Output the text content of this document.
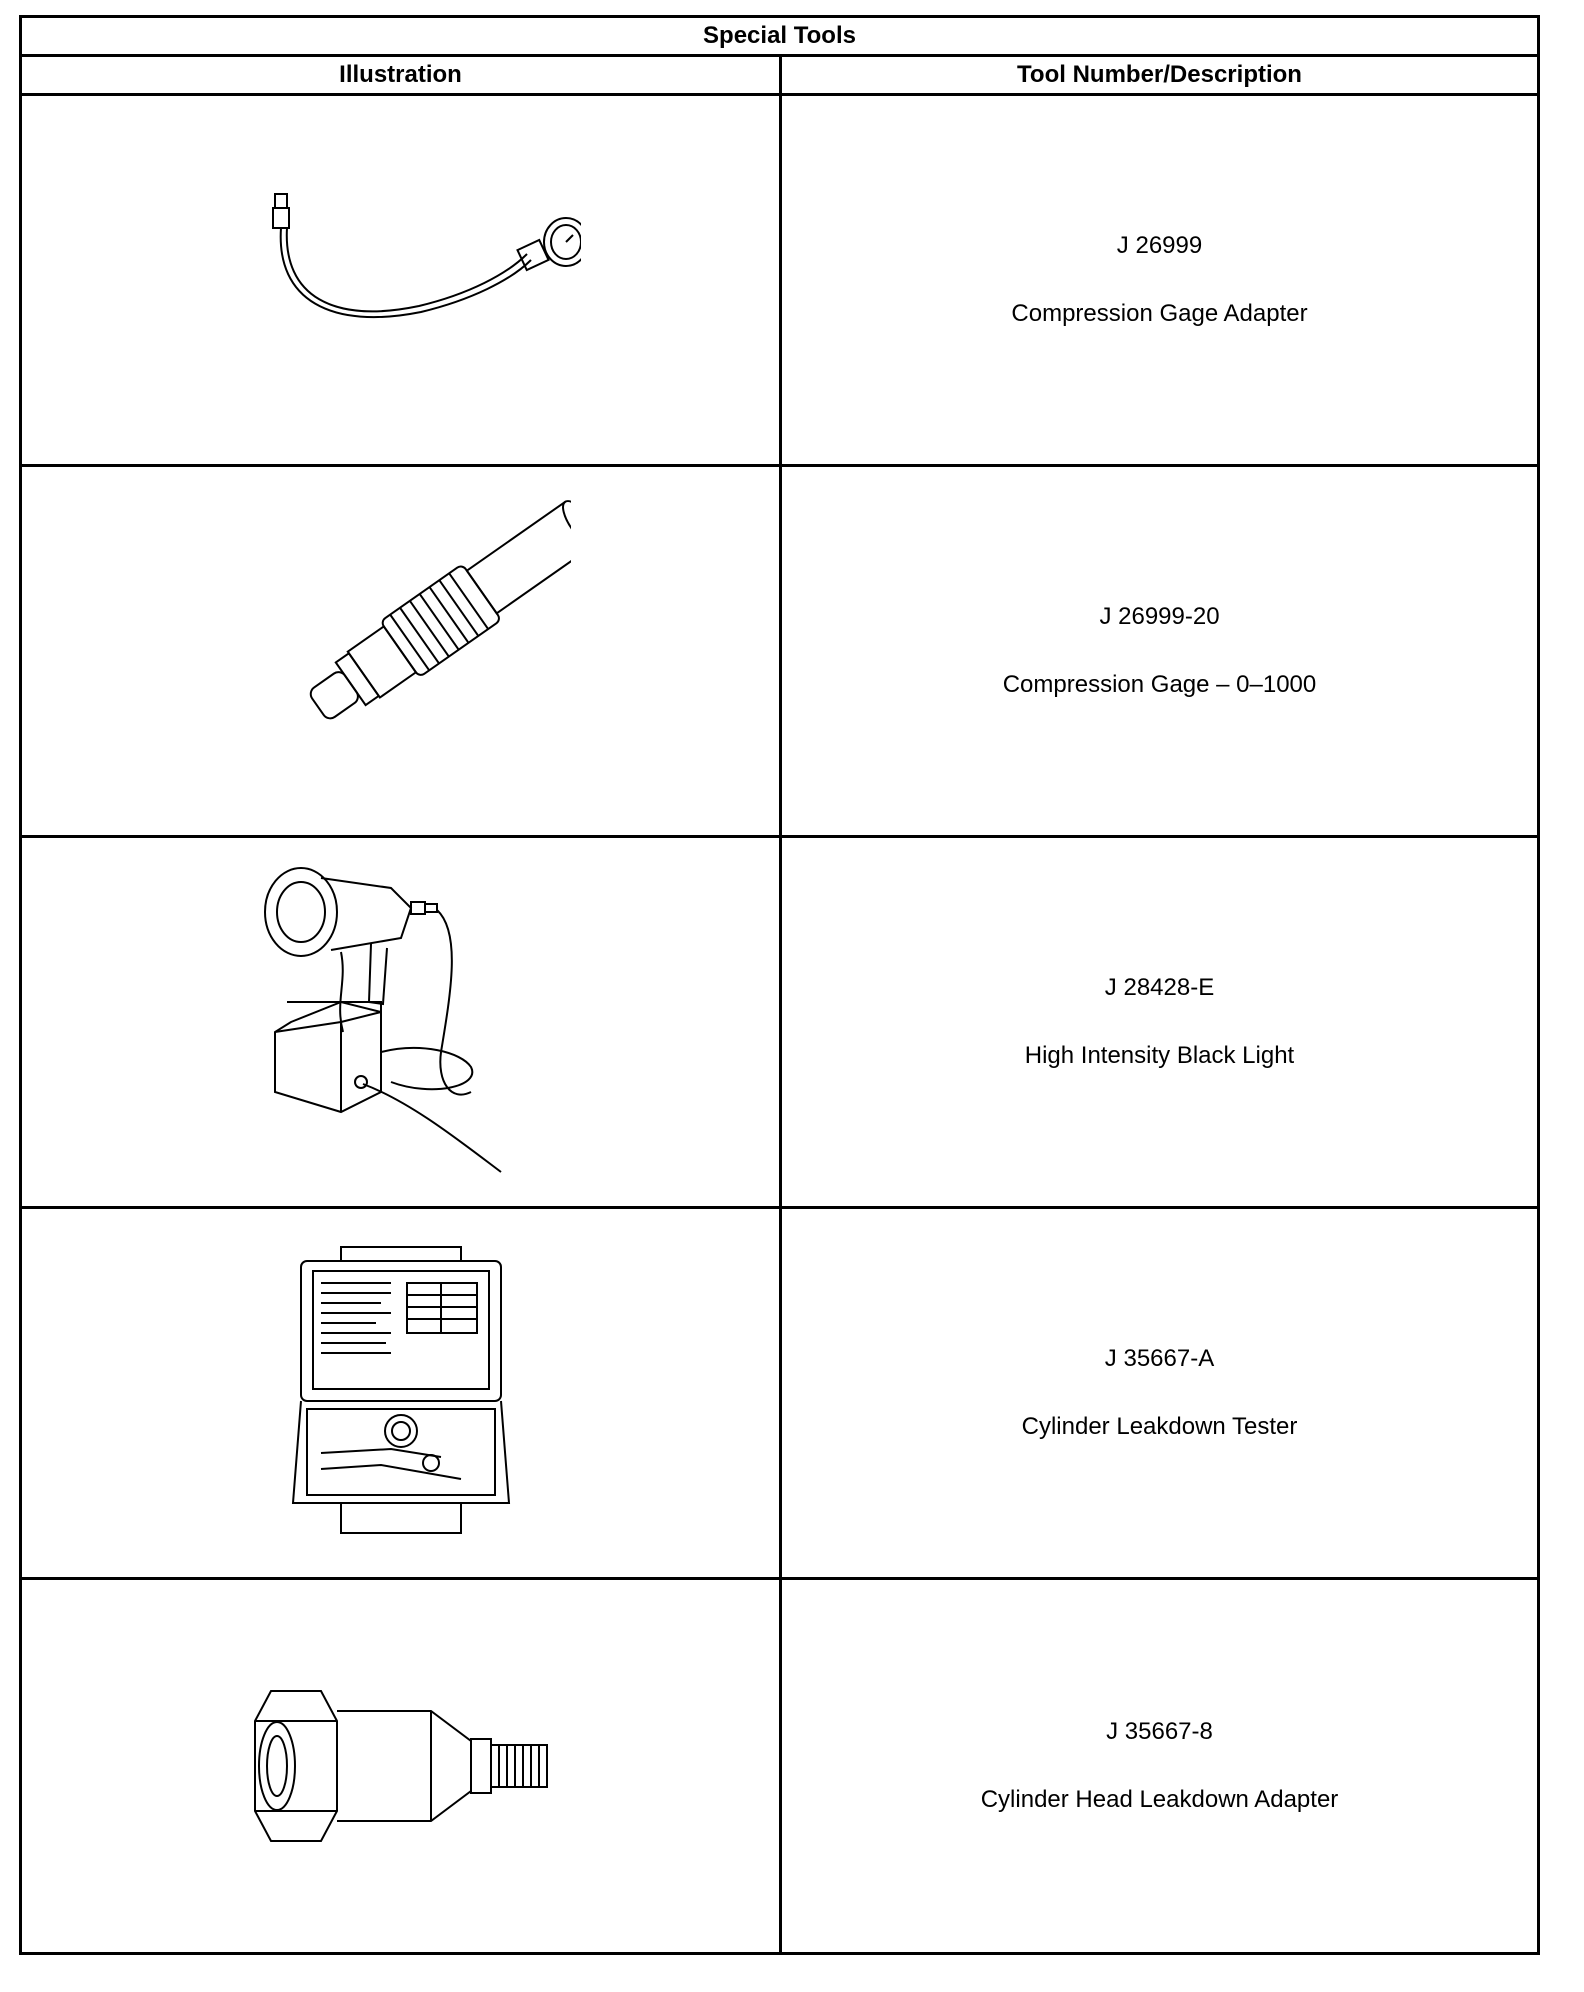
Special Tools	
Illustration	Tool Number/Description

J 26999
Compression Gage Adapter

J 26999-20
Compression Gage – 0–1000

J 28428-E
High Intensity Black Light

J 35667-A
Cylinder Leakdown Tester

J 35667-8
Cylinder Head Leakdown Adapter
